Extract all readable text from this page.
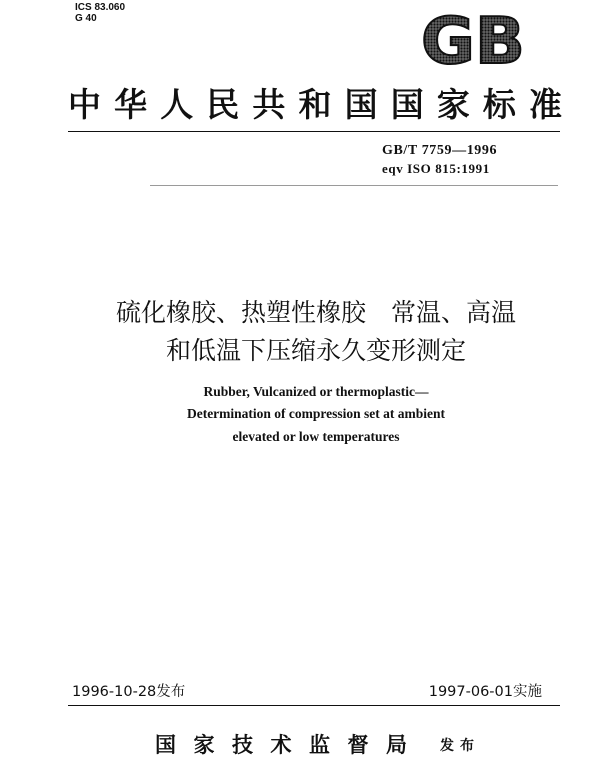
ICS 83.060
G 40	GB
中华人民共和国国家标准
GB/T 7759—1996
eqv ISO 815:1991
硫化橡胶、热塑性橡胶　常温、高温
和低温下压缩永久变形测定
Rubber, Vulcanized or thermoplastic—
Determination of compression set at ambient
elevated or low temperatures
1996-10-28发布	1997-06-01实施
国家技术监督局 发布
